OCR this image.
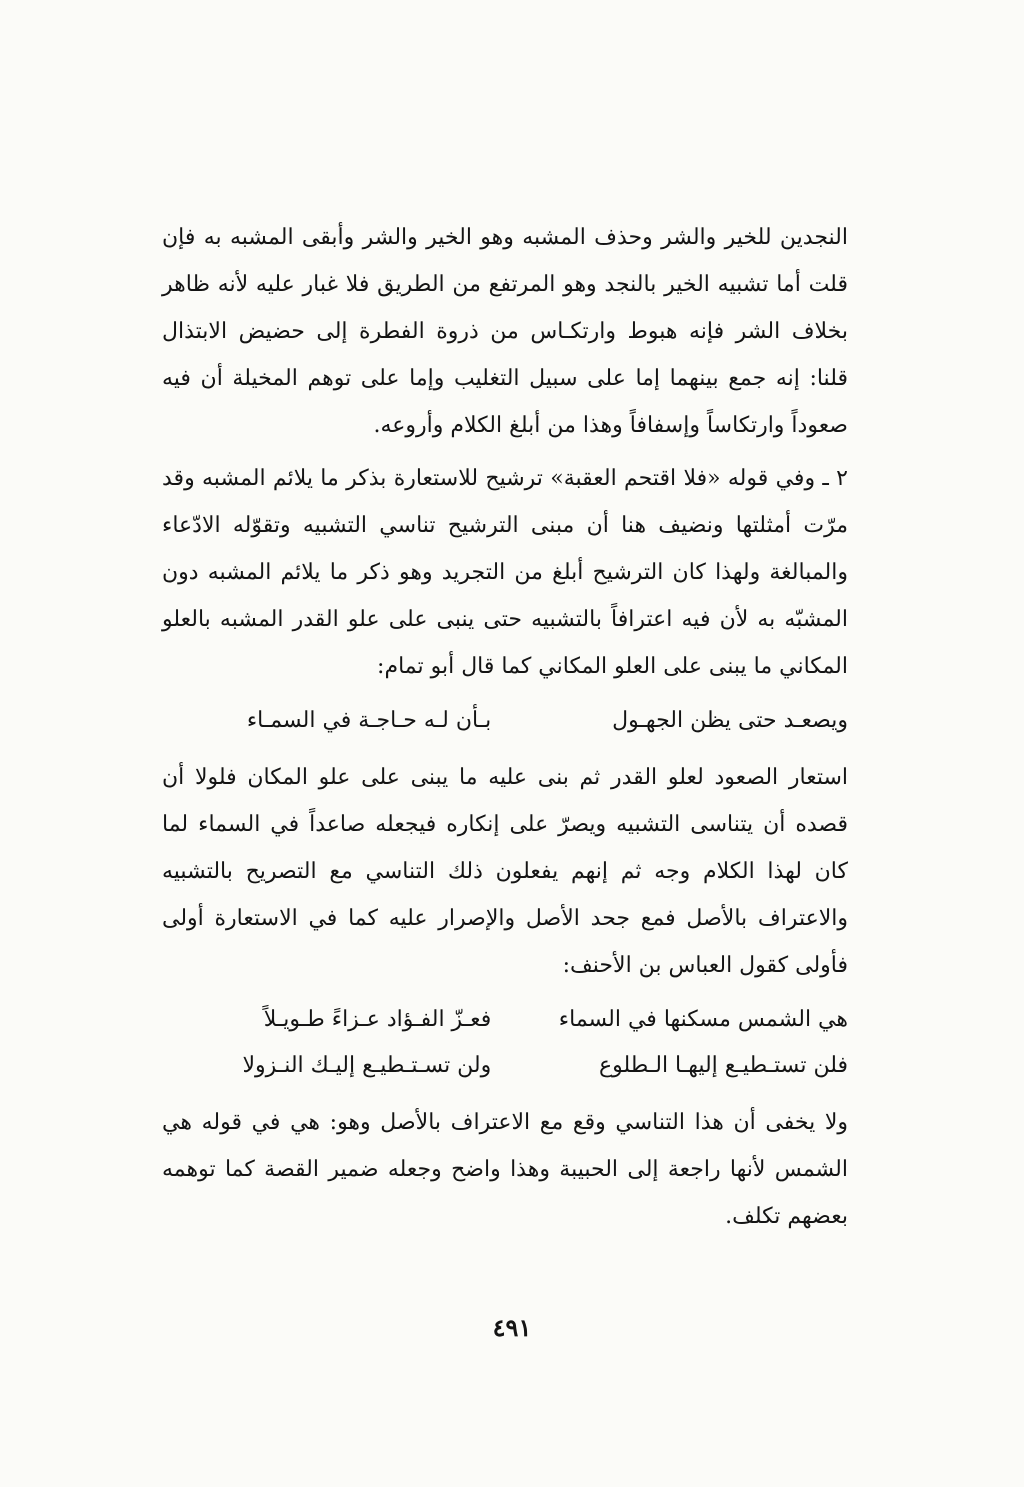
النجدين للخير والشر وحذف المشبه وهو الخير والشر وأبقى المشبه به فإن قلت أما تشبيه الخير بالنجد وهو المرتفع من الطريق فلا غبار عليه لأنه ظاهر بخلاف الشر فإنه هبوط وارتكـاس من ذروة الفطرة إلى حضيض الابتذال قلنا: إنه جمع بينهما إما على سبيل التغليب وإما على توهم المخيلة أن فيه صعوداً وارتكاساً وإسفافاً وهذا من أبلغ الكلام وأروعه.

٢ ـ وفي قوله «فلا اقتحم العقبة» ترشيح للاستعارة بذكر ما يلائم المشبه وقد مرّت أمثلتها ونضيف هنا أن مبنى الترشيح تناسي التشبيه وتقوّله الادّعاء والمبالغة ولهذا كان الترشيح أبلغ من التجريد وهو ذكر ما يلائم المشبه دون المشبّه به لأن فيه اعترافاً بالتشبيه حتى ينبى على علو القدر المشبه بالعلو المكاني ما يبنى على العلو المكاني كما قال أبو تمام:

ويصعـد حتى يظن الجهـول
بـأن لـه حـاجـة في السمـاء

استعار الصعود لعلو القدر ثم بنى عليه ما يبنى على علو المكان فلولا أن قصده أن يتناسى التشبيه ويصرّ على إنكاره فيجعله صاعداً في السماء لما كان لهذا الكلام وجه ثم إنهم يفعلون ذلك التناسي مع التصريح بالتشبيه والاعتراف بالأصل فمع جحد الأصل والإصرار عليه كما في الاستعارة أولى فأولى كقول العباس بن الأحنف:

هي الشمس مسكنها في السماء
فعـزّ الفـؤاد عـزاءً طـويـلاً
فلن تستـطيـع إليهـا الـطلوع
ولن تسـتـطيـع إليـك النـزولا

ولا يخفى أن هذا التناسي وقع مع الاعتراف بالأصل وهو: هي في قوله هي الشمس لأنها راجعة إلى الحبيبة وهذا واضح وجعله ضمير القصة كما توهمه بعضهم تكلف.

٤٩١
